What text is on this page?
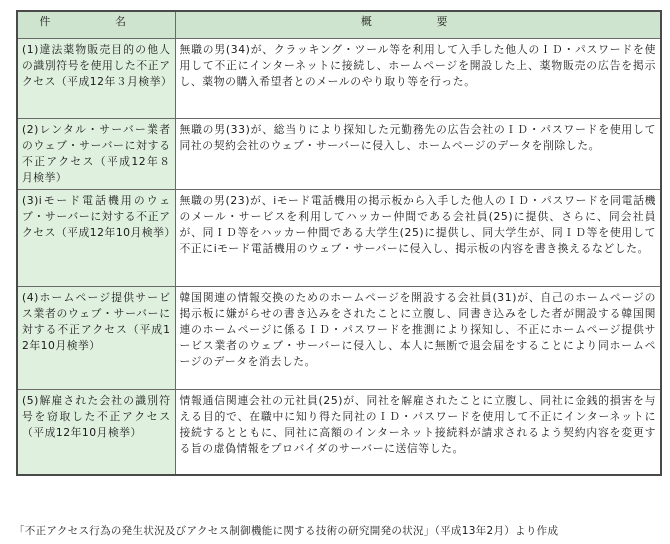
件　名	概　要
(1)違法薬物販売目的の他人の識別符号を使用した不正アクセス（平成12年３月検挙）	無職の男(34)が、クラッキング・ツール等を利用して入手した他人のＩＤ・パスワードを使用して不正にインターネットに接続し、ホームページを開設した上、薬物販売の広告を掲示し、薬物の購入希望者とのメールのやり取り等を行った。
(2)レンタル・サーバー業者のウェブ・サーバーに対する不正アクセス（平成12年８月検挙）	無職の男(33)が、総当りにより探知した元勤務先の広告会社のＩＤ・パスワードを使用して同社の契約会社のウェブ・サーバーに侵入し、ホームページのデータを削除した。
(3)iモード電話機用のウェブ・サーバーに対する不正アクセス（平成12年10月検挙）	無職の男(23)が、iモード電話機用の掲示板から入手した他人のＩＤ・パスワードを同電話機のメール・サービスを利用してハッカー仲間である会社員(25)に提供、さらに、同会社員が、同ＩＤ等をハッカー仲間である大学生(25)に提供し、同大学生が、同ＩＤ等を使用して不正にiモード電話機用のウェブ・サーバーに侵入し、掲示板の内容を書き換えるなどした。
(4)ホームページ提供サービス業者のウェブ・サーバーに対する不正アクセス（平成12年10月検挙）	韓国関連の情報交換のためのホームページを開設する会社員(31)が、自己のホームページの掲示板に嫌がらせの書き込みをされたことに立腹し、同書き込みをした者が開設する韓国関連のホームページに係るＩＤ・パスワードを推測により探知し、不正にホームページ提供サービス業者のウェブ・サーバーに侵入し、本人に無断で退会届をすることにより同ホームページのデータを消去した。
(5)解雇された会社の識別符号を窃取した不正アクセス（平成12年10月検挙）	情報通信関連会社の元社員(25)が、同社を解雇されたことに立腹し、同社に金銭的損害を与える目的で、在職中に知り得た同社のＩＤ・パスワードを使用して不正にインターネットに接続するとともに、同社に高額のインターネット接続料が請求されるよう契約内容を変更する旨の虚偽情報をプロバイダのサーバーに送信等した。
「不正アクセス行為の発生状況及びアクセス制御機能に関する技術の研究開発の状況」（平成13年2月）より作成
